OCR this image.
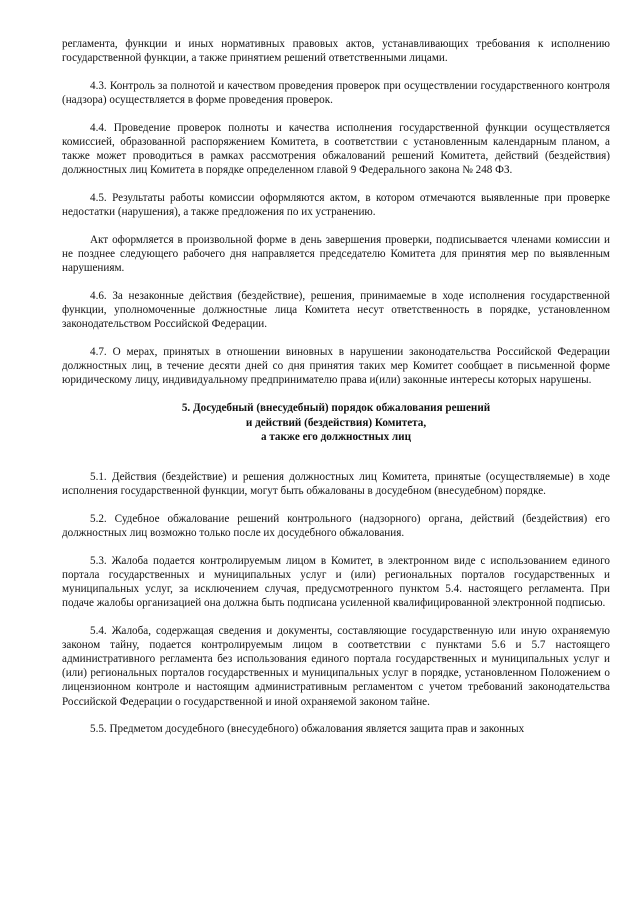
регламента, функции и иных нормативных правовых актов, устанавливающих требования к исполнению государственной функции, а также принятием решений ответственными лицами.

4.3. Контроль за полнотой и качеством проведения проверок при осуществлении государственного контроля (надзора) осуществляется в форме проведения проверок.

4.4. Проведение проверок полноты и качества исполнения государственной функции осуществляется комиссией, образованной распоряжением Комитета, в соответствии с установленным календарным планом, а также может проводиться в рамках рассмотрения обжалований решений Комитета, действий (бездействия) должностных лиц Комитета в порядке определенном главой 9 Федерального закона № 248 ФЗ.

4.5. Результаты работы комиссии оформляются актом, в котором отмечаются выявленные при проверке недостатки (нарушения), а также предложения по их устранению.

Акт оформляется в произвольной форме в день завершения проверки, подписывается членами комиссии и не позднее следующего рабочего дня направляется председателю Комитета для принятия мер по выявленным нарушениям.

4.6. За незаконные действия (бездействие), решения, принимаемые в ходе исполнения государственной функции, уполномоченные должностные лица Комитета несут ответственность в порядке, установленном законодательством Российской Федерации.

4.7. О мерах, принятых в отношении виновных в нарушении законодательства Российской Федерации должностных лиц, в течение десяти дней со дня принятия таких мер Комитет сообщает в письменной форме юридическому лицу, индивидуальному предпринимателю права и(или) законные интересы которых нарушены.

5. Досудебный (внесудебный) порядок обжалования решений
и действий (бездействия) Комитета,
а также его должностных лиц

5.1. Действия (бездействие) и решения должностных лиц Комитета, принятые (осуществляемые) в ходе исполнения государственной функции, могут быть обжалованы в досудебном (внесудебном) порядке.

5.2. Судебное обжалование решений контрольного (надзорного) органа, действий (бездействия) его должностных лиц возможно только после их досудебного обжалования.

5.3. Жалоба подается контролируемым лицом в Комитет, в электронном виде с использованием единого портала государственных и муниципальных услуг и (или) региональных порталов государственных и муниципальных услуг, за исключением случая, предусмотренного пунктом 5.4. настоящего регламента. При подаче жалобы организацией она должна быть подписана усиленной квалифицированной электронной подписью.

5.4. Жалоба, содержащая сведения и документы, составляющие государственную или иную охраняемую законом тайну, подается контролируемым лицом в соответствии с пунктами 5.6 и 5.7 настоящего административного регламента без использования единого портала государственных и муниципальных услуг и (или) региональных порталов государственных и муниципальных услуг в порядке, установленном Положением о лицензионном контроле и настоящим административным регламентом с учетом требований законодательства Российской Федерации о государственной и иной охраняемой законом тайне.

5.5. Предметом досудебного (внесудебного) обжалования является защита прав и законных
